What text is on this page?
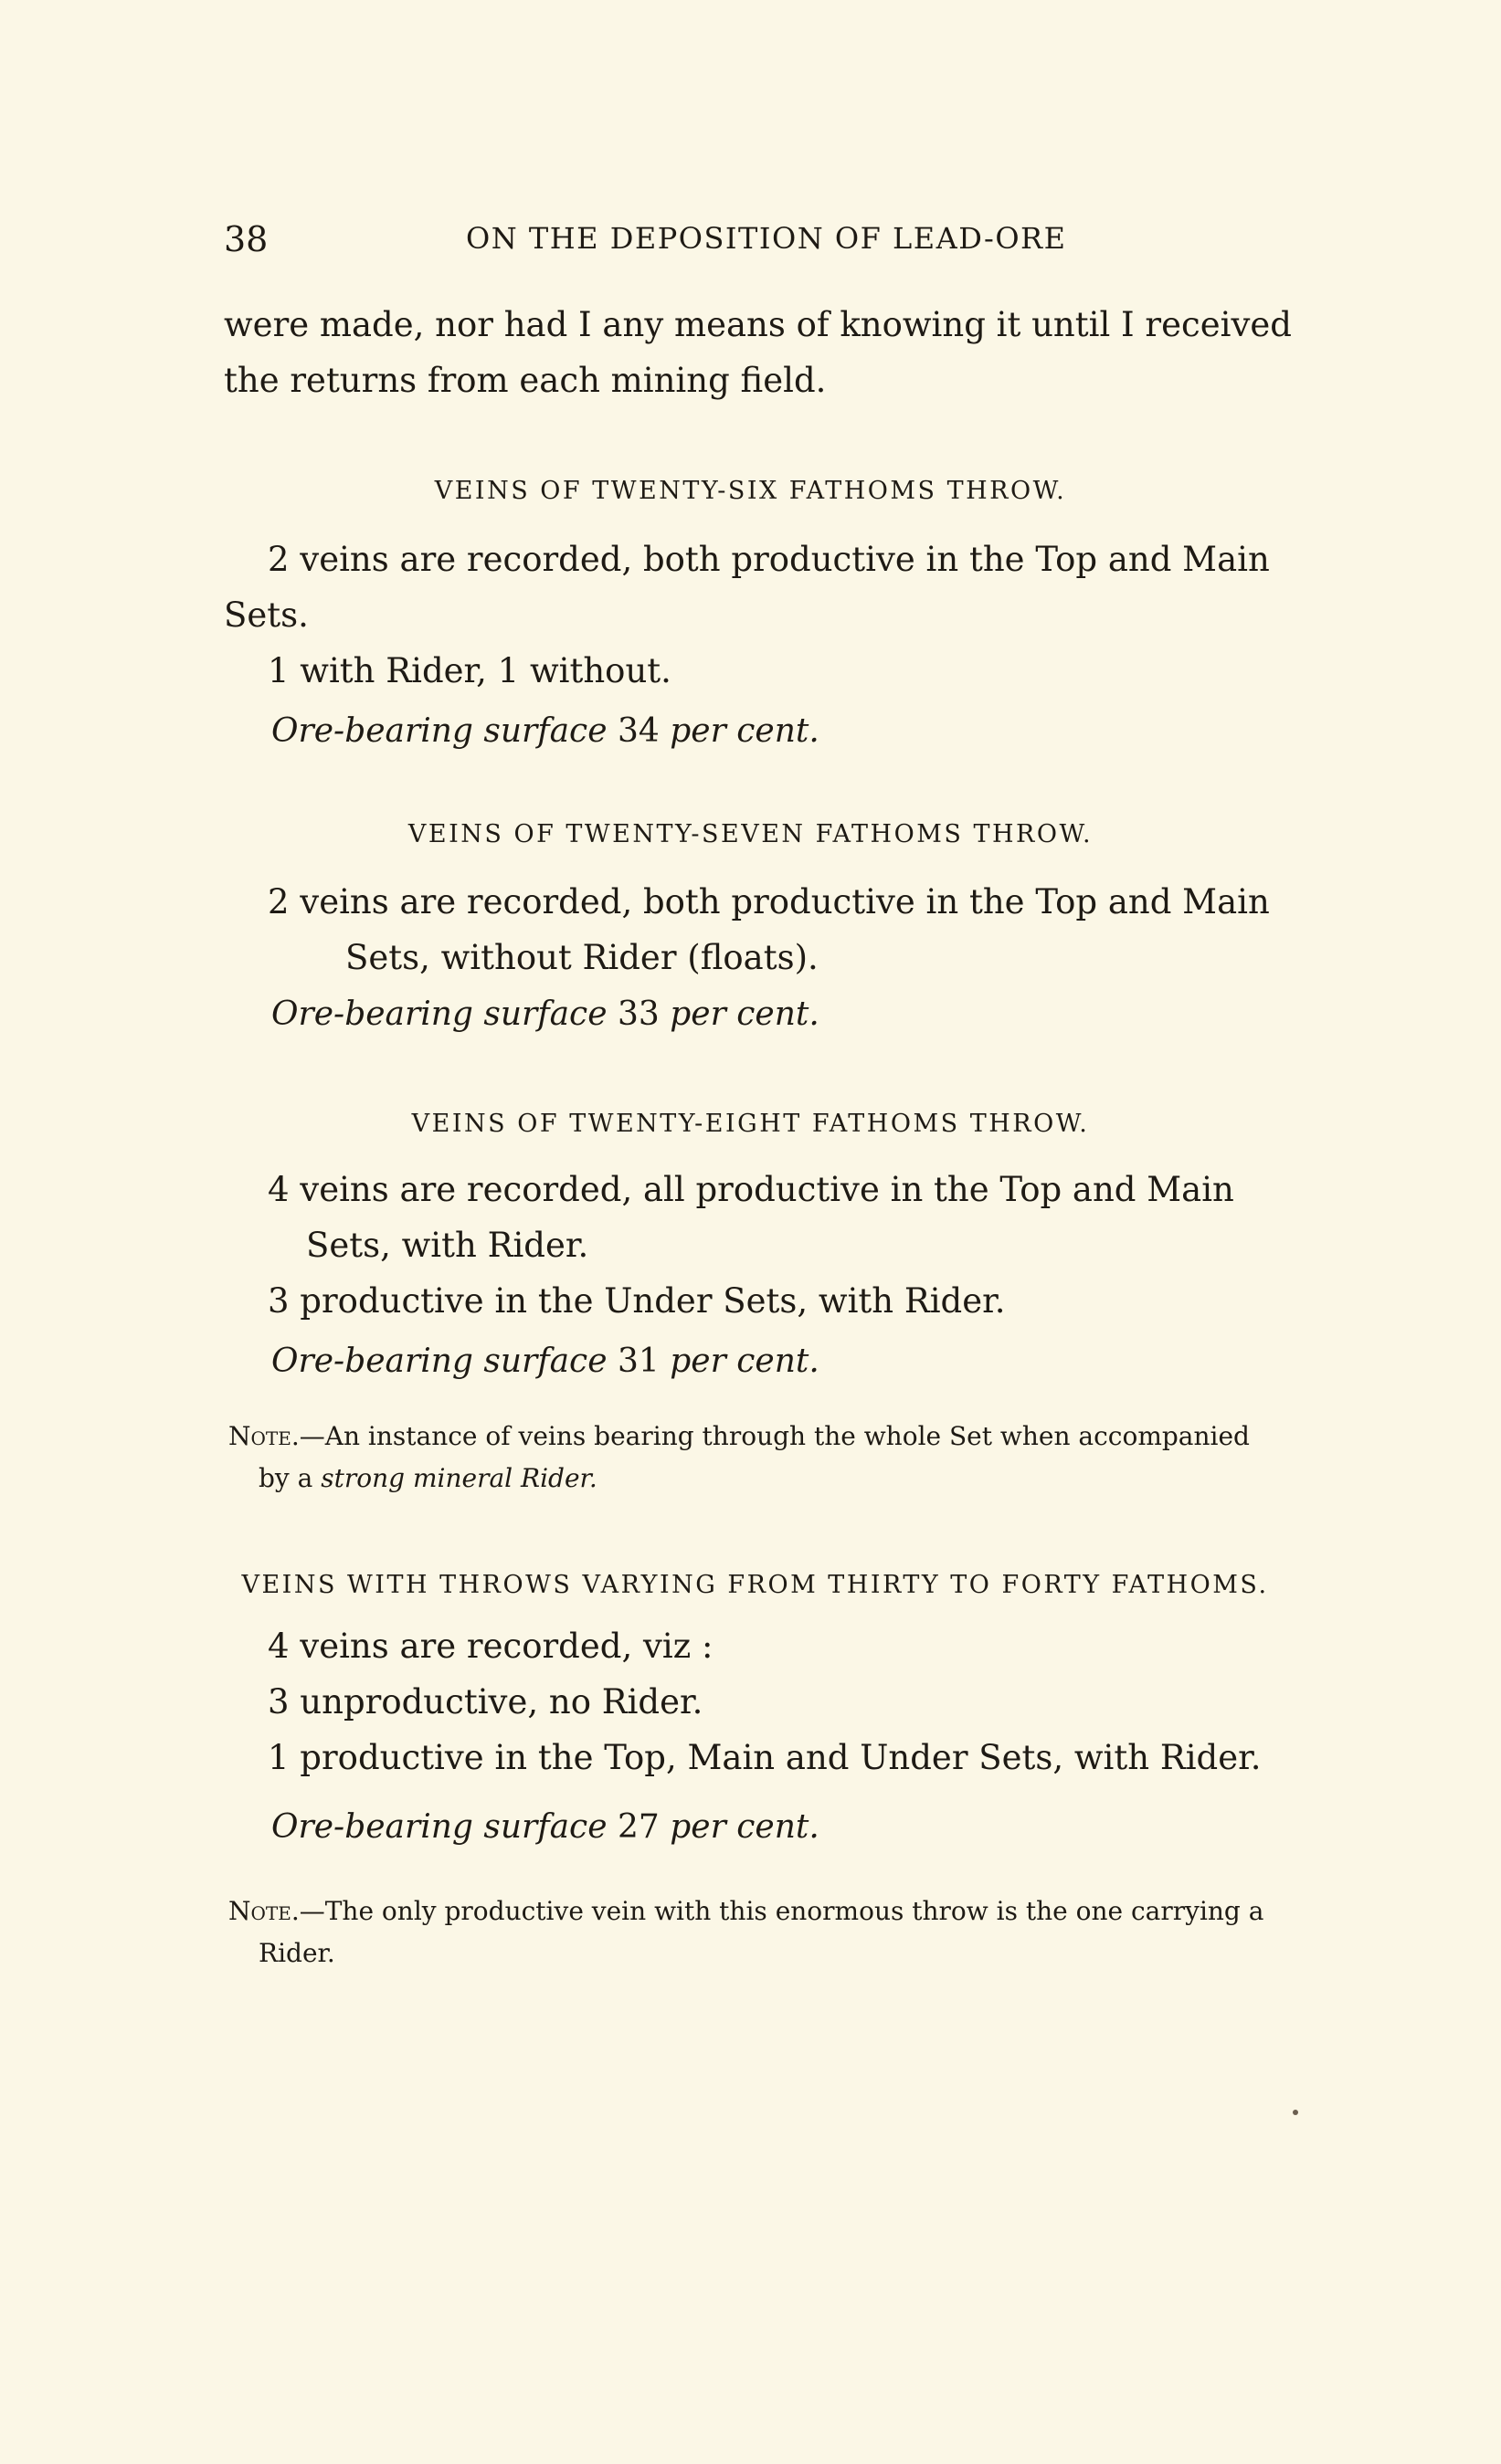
38	ON THE DEPOSITION OF LEAD-ORE
were made, nor had I any means of knowing it until I received
the returns from each mining field.
VEINS OF TWENTY-SIX FATHOMS THROW.
2 veins are recorded, both productive in the Top and Main
Sets.
1 with Rider, 1 without.
Ore-bearing surface 34 per cent.
VEINS OF TWENTY-SEVEN FATHOMS THROW.
2 veins are recorded, both productive in the Top and Main
Sets, without Rider (floats).
Ore-bearing surface 33 per cent.
VEINS OF TWENTY-EIGHT FATHOMS THROW.
4 veins are recorded, all productive in the Top and Main
Sets, with Rider.
3 productive in the Under Sets, with Rider.
Ore-bearing surface 31 per cent.
Note.—An instance of veins bearing through the whole Set when accompanied
by a strong mineral Rider.
VEINS WITH THROWS VARYING FROM THIRTY TO FORTY FATHOMS.
4 veins are recorded, viz :
3 unproductive, no Rider.
1 productive in the Top, Main and Under Sets, with Rider.
Ore-bearing surface 27 per cent.
Note.—The only productive vein with this enormous throw is the one carrying a
Rider.
